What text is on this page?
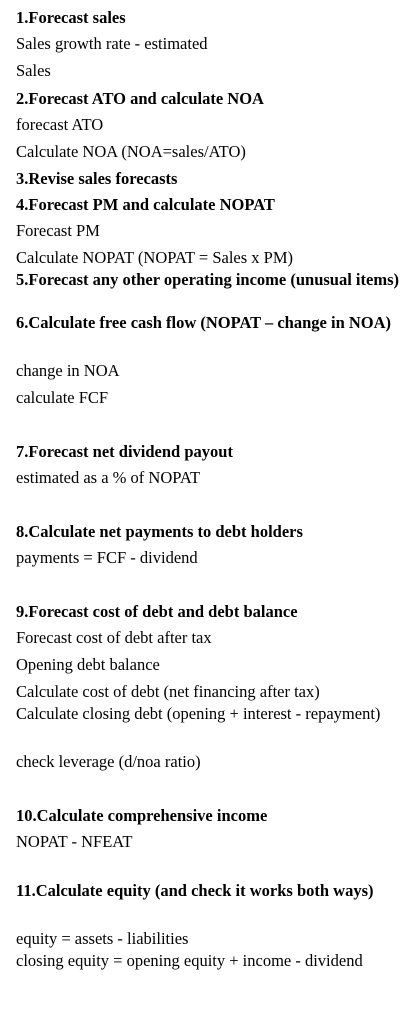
1.Forecast sales
Sales growth rate - estimated
Sales
2.Forecast ATO and calculate NOA
forecast ATO
Calculate NOA (NOA=sales/ATO)
3.Revise sales forecasts
4.Forecast PM and calculate NOPAT
Forecast PM
Calculate NOPAT (NOPAT = Sales x PM)
5.Forecast any other operating income (unusual items)
6.Calculate free cash flow (NOPAT – change in NOA)
change in NOA
calculate FCF
7.Forecast net dividend payout
estimated as a % of NOPAT
8.Calculate net payments to debt holders
payments = FCF - dividend
9.Forecast cost of debt and debt balance
Forecast cost of debt after tax
Opening debt balance
Calculate cost of debt (net financing after tax)
Calculate closing debt (opening + interest - repayment)
check leverage (d/noa ratio)
10.Calculate comprehensive income
NOPAT - NFEAT
11.Calculate equity (and check it works both ways)
equity = assets - liabilities
closing equity = opening equity + income - dividend
